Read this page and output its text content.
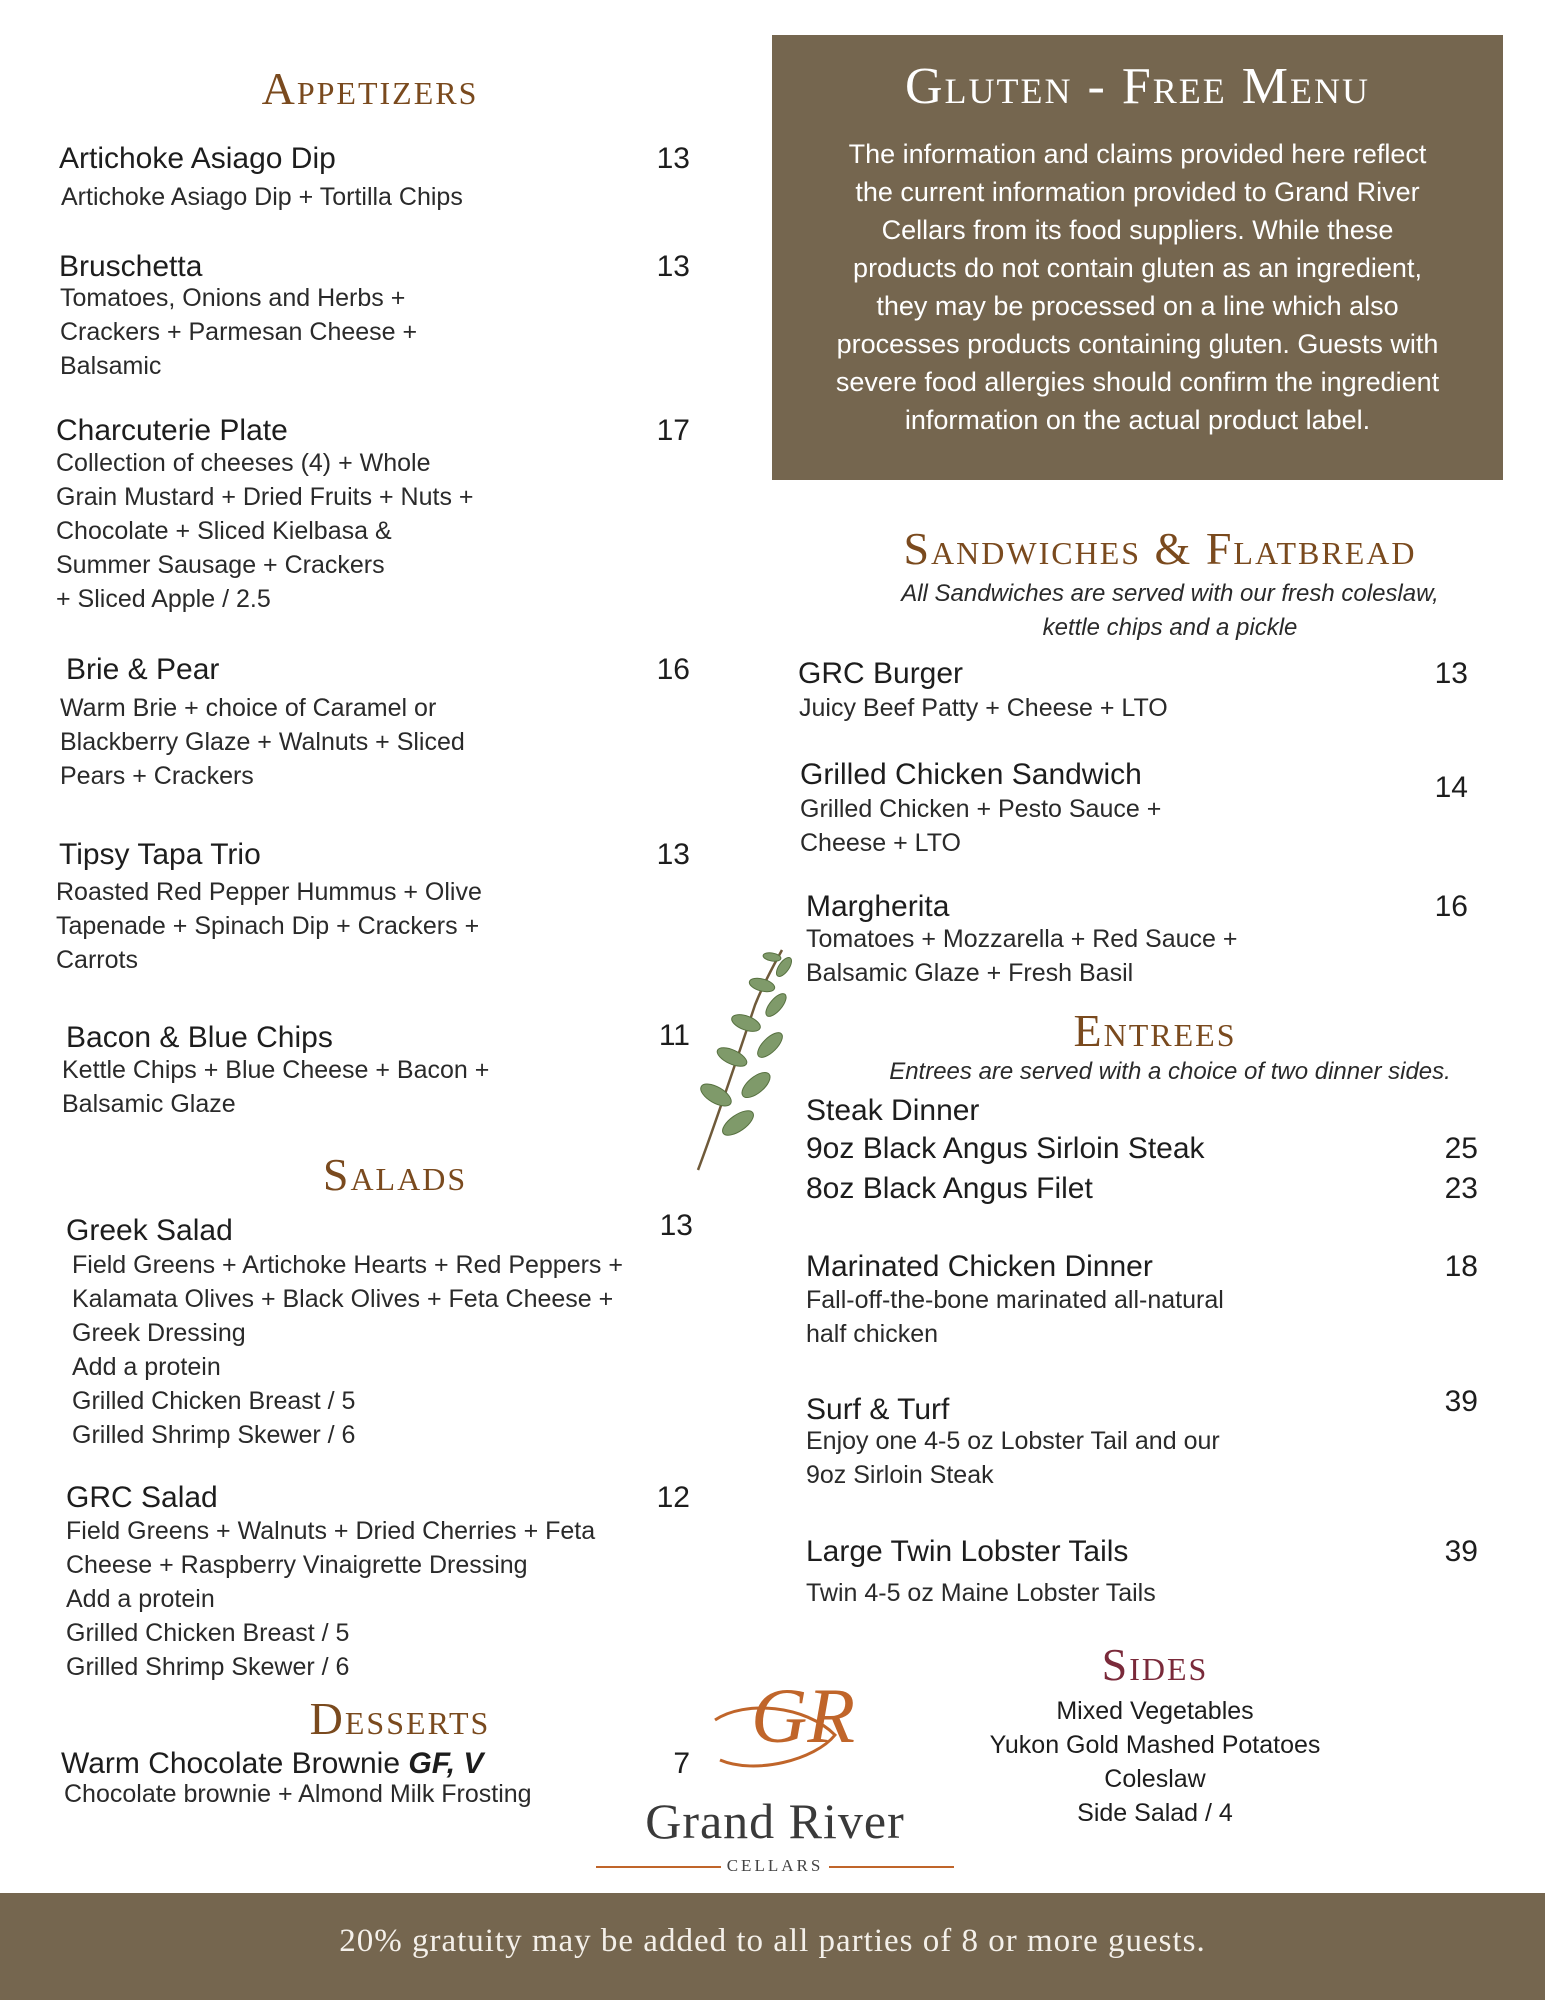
Appetizers
Artichoke Asiago Dip	13
Artichoke Asiago Dip + Tortilla Chips
Bruschetta	13
Tomatoes, Onions and Herbs +
Crackers + Parmesan Cheese +
Balsamic
Charcuterie Plate	17
Collection of cheeses (4) + Whole
Grain Mustard + Dried Fruits + Nuts +
Chocolate + Sliced Kielbasa &
Summer Sausage + Crackers
+ Sliced Apple / 2.5
Brie & Pear	16
Warm Brie + choice of Caramel or
Blackberry Glaze + Walnuts + Sliced
Pears + Crackers
Tipsy Tapa Trio	13
Roasted Red Pepper Hummus + Olive
Tapenade + Spinach Dip + Crackers +
Carrots
Bacon & Blue Chips	11
Kettle Chips + Blue Cheese + Bacon +
Balsamic Glaze
Salads
Greek Salad	13
Field Greens + Artichoke Hearts + Red Peppers +
Kalamata Olives + Black Olives + Feta Cheese +
Greek Dressing
Add a protein
Grilled Chicken Breast / 5
Grilled Shrimp Skewer / 6
GRC Salad	12
Field Greens + Walnuts + Dried Cherries + Feta
Cheese + Raspberry Vinaigrette Dressing
Add a protein
Grilled Chicken Breast / 5
Grilled Shrimp Skewer / 6
Desserts
Warm Chocolate Brownie GF, V	7
Chocolate brownie + Almond Milk Frosting
Gluten - Free Menu
The information and claims provided here reflect
the current information provided to Grand River
Cellars from its food suppliers. While these
products do not contain gluten as an ingredient,
they may be processed on a line which also
processes products containing gluten. Guests with
severe food allergies should confirm the ingredient
information on the actual product label.
Sandwiches & Flatbread
All Sandwiches are served with our fresh coleslaw,
kettle chips and a pickle
GRC Burger	13
Juicy Beef Patty + Cheese + LTO
Grilled Chicken Sandwich	14
Grilled Chicken + Pesto Sauce +
Cheese + LTO
Margherita	16
Tomatoes + Mozzarella + Red Sauce +
Balsamic Glaze + Fresh Basil
Entrees
Entrees are served with a choice of two dinner sides.
Steak Dinner
9oz Black Angus Sirloin Steak	25
8oz Black Angus Filet	23
Marinated Chicken Dinner	18
Fall-off-the-bone marinated all-natural
half chicken
Surf & Turf	39
Enjoy one 4-5 oz Lobster Tail and our
9oz Sirloin Steak
Large Twin Lobster Tails	39
Twin 4-5 oz Maine Lobster Tails
Sides
Mixed Vegetables
Yukon Gold Mashed Potatoes
Coleslaw
Side Salad / 4
GR
Grand River
CELLARS
20% gratuity may be added to all parties of 8 or more guests.
